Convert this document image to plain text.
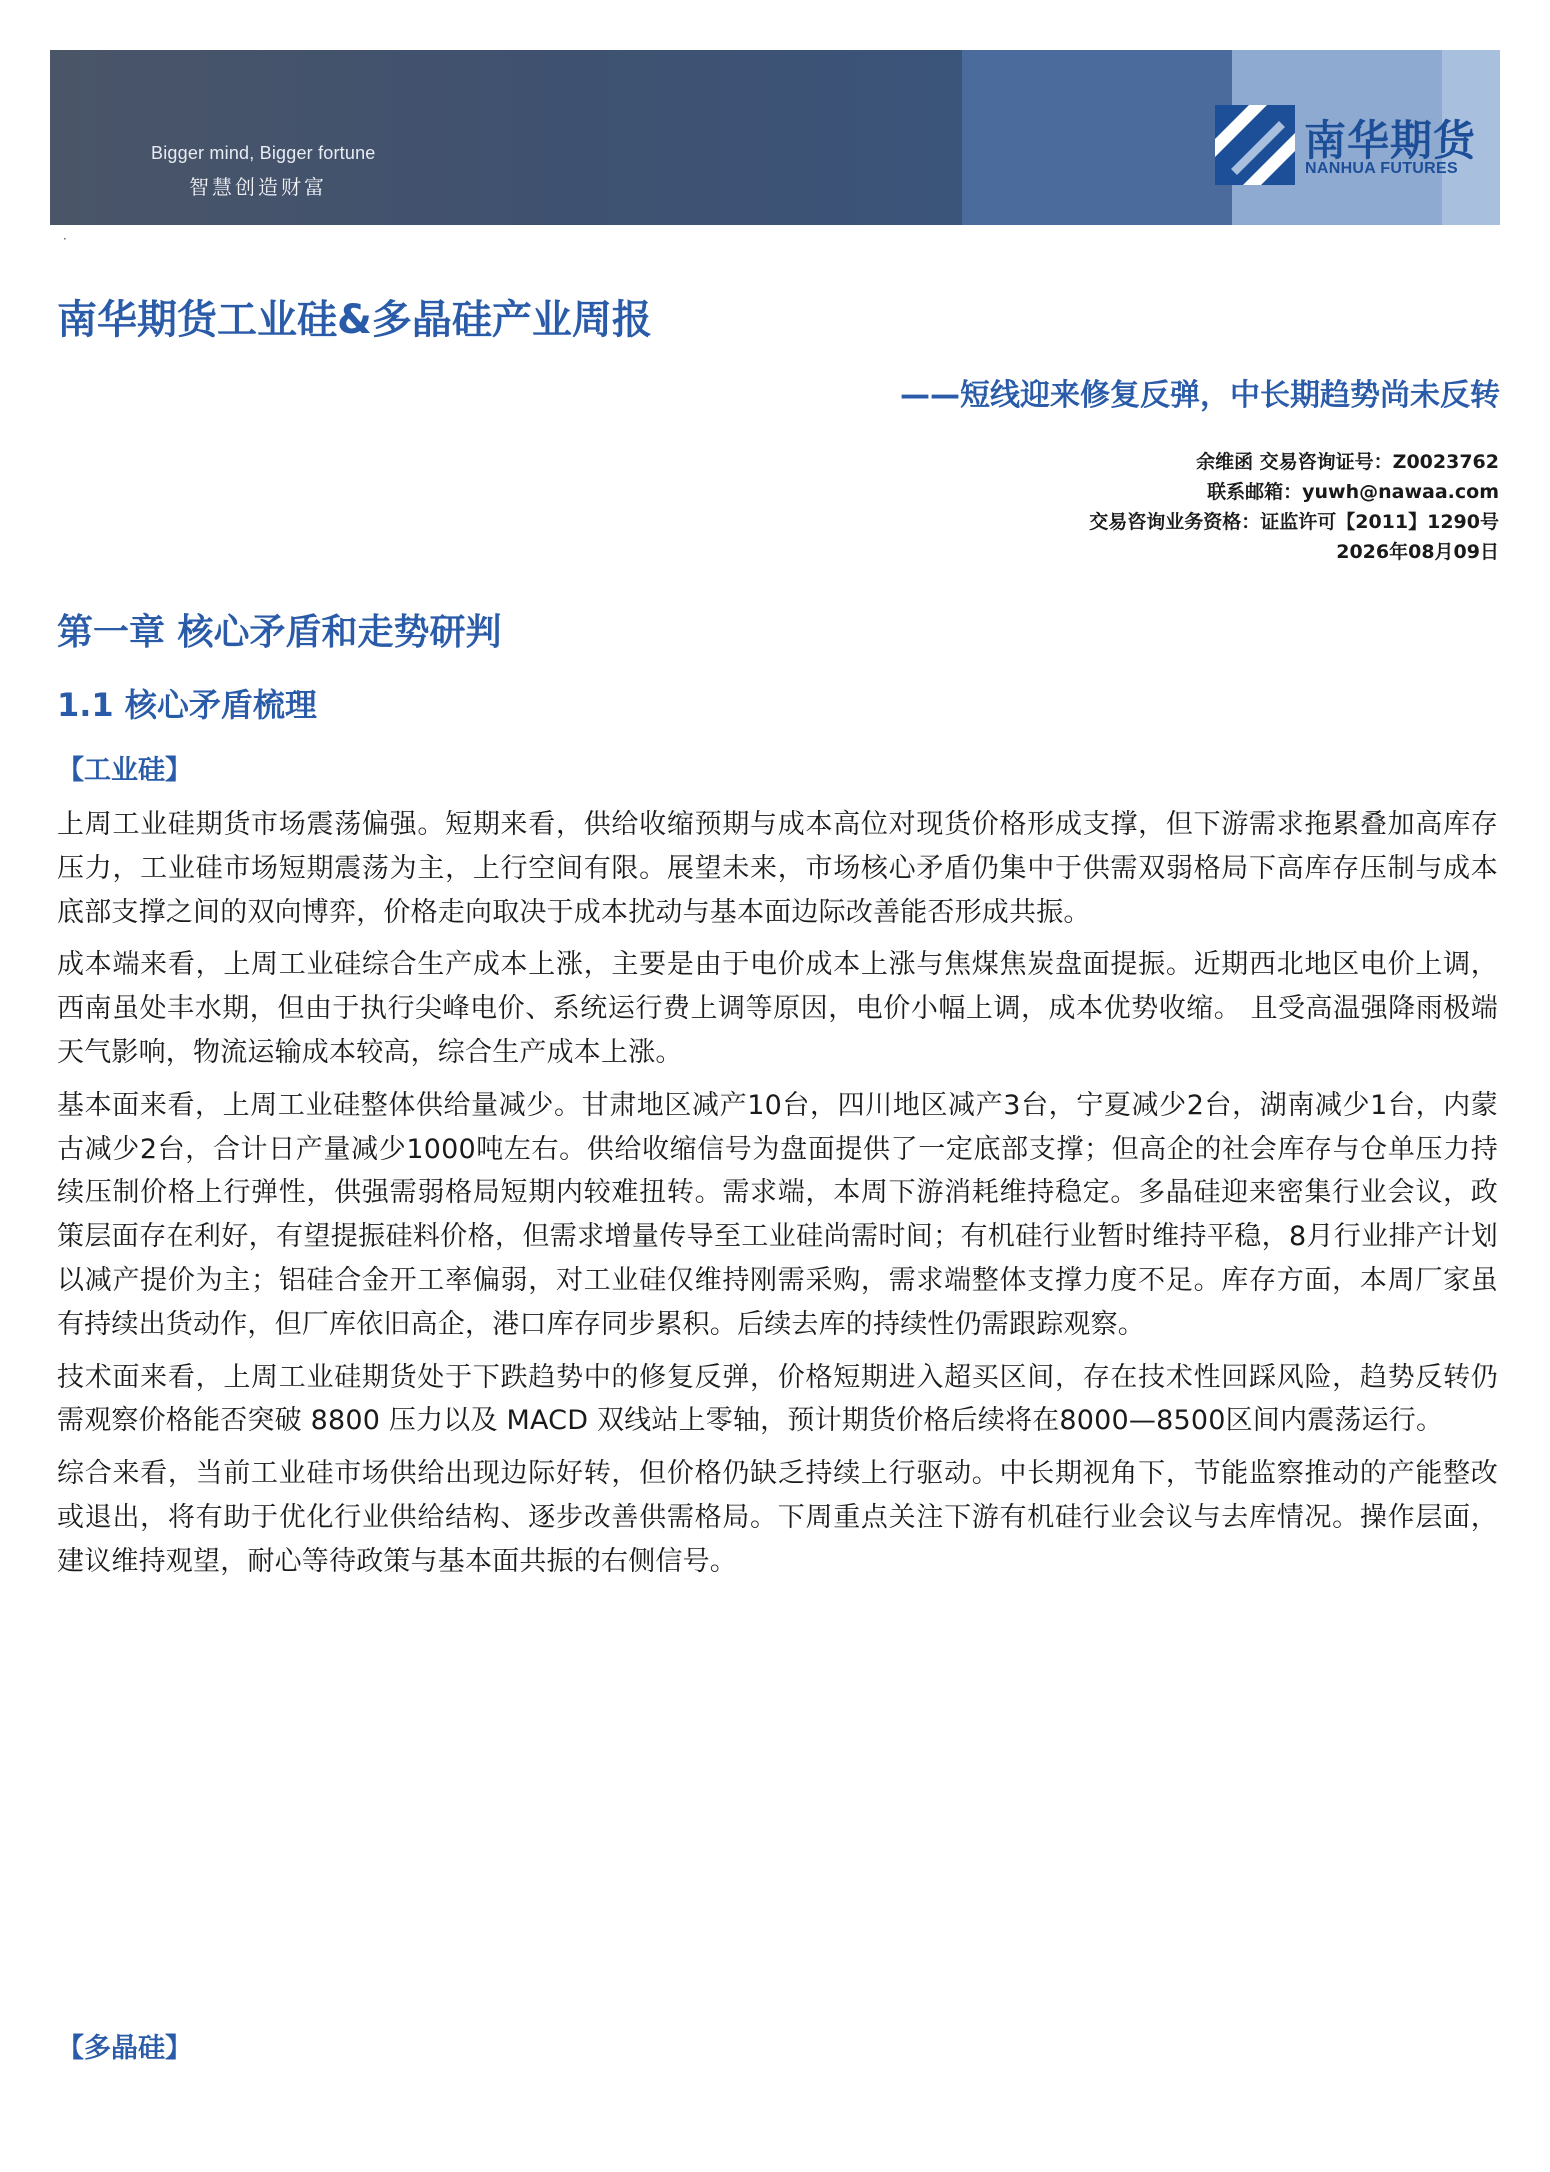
Bigger mind, Bigger fortune
智慧创造财富
南华期货
NANHUA FUTURES
·
南华期货工业硅&多晶硅产业周报
——短线迎来修复反弹，中长期趋势尚未反转
余维函 交易咨询证号：Z0023762
联系邮箱：yuwh@nawaa.com
交易咨询业务资格：证监许可【2011】1290号
2026年08月09日
第一章 核心矛盾和走势研判
1.1 核心矛盾梳理
【工业硅】

上周工业硅期货市场震荡偏强。短期来看，供给收缩预期与成本高位对现货价格形成支撑，但下游需求拖累叠加高库存压力，工业硅市场短期震荡为主，上行空间有限。展望未来，市场核心矛盾仍集中于供需双弱格局下高库存压制与成本底部支撑之间的双向博弈，价格走向取决于成本扰动与基本面边际改善能否形成共振。

成本端来看，上周工业硅综合生产成本上涨，主要是由于电价成本上涨与焦煤焦炭盘面提振。近期西北地区电价上调，西南虽处丰水期，但由于执行尖峰电价、系统运行费上调等原因，电价小幅上调，成本优势收缩。 且受高温强降雨极端天气影响，物流运输成本较高，综合生产成本上涨。

基本面来看，上周工业硅整体供给量减少。甘肃地区减产10台，四川地区减产3台，宁夏减少2台，湖南减少1台，内蒙古减少2台，合计日产量减少1000吨左右。供给收缩信号为盘面提供了一定底部支撑；但高企的社会库存与仓单压力持续压制价格上行弹性，供强需弱格局短期内较难扭转。需求端，本周下游消耗维持稳定。多晶硅迎来密集行业会议，政策层面存在利好，有望提振硅料价格，但需求增量传导至工业硅尚需时间；有机硅行业暂时维持平稳，8月行业排产计划以减产提价为主；铝硅合金开工率偏弱，对工业硅仅维持刚需采购，需求端整体支撑力度不足。库存方面，本周厂家虽有持续出货动作，但厂库依旧高企，港口库存同步累积。后续去库的持续性仍需跟踪观察。

技术面来看，上周工业硅期货处于下跌趋势中的修复反弹，价格短期进入超买区间，存在技术性回踩风险，趋势反转仍需观察价格能否突破 8800 压力以及 MACD 双线站上零轴，预计期货价格后续将在8000—8500区间内震荡运行。

综合来看，当前工业硅市场供给出现边际好转，但价格仍缺乏持续上行驱动。中长期视角下，节能监察推动的产能整改或退出，将有助于优化行业供给结构、逐步改善供需格局。下周重点关注下游有机硅行业会议与去库情况。操作层面，建议维持观望，耐心等待政策与基本面共振的右侧信号。

【多晶硅】
